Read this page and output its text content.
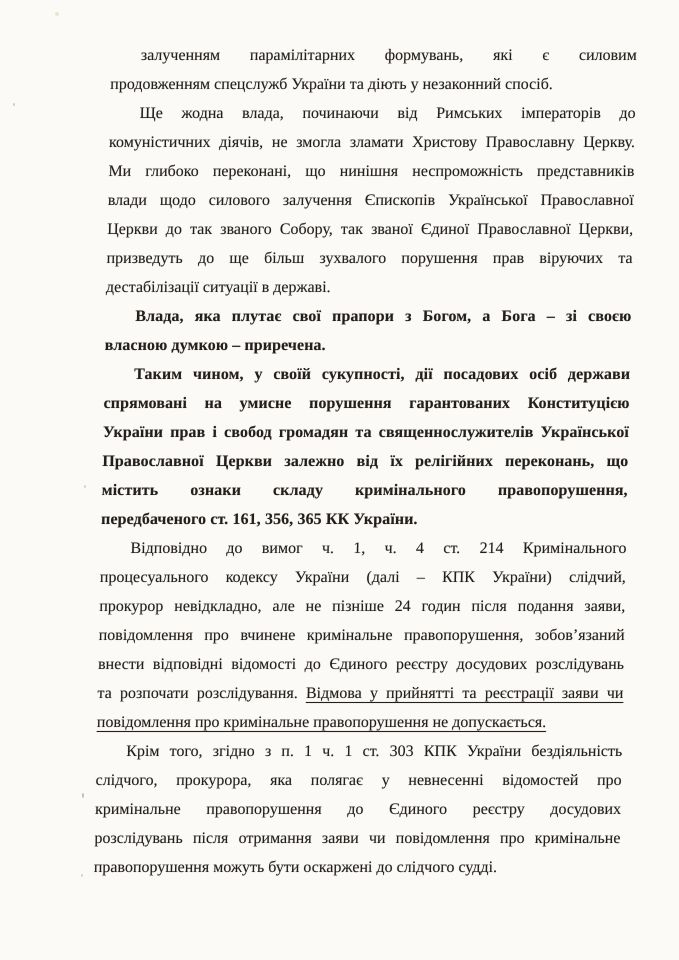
залученням парамілітарних формувань, які є силовим
продовженням спецслужб України та діють у незаконний спосіб.
Ще жодна влада, починаючи від Римських імператорів до
комуністичних діячів, не змогла зламати Христову Православну Церкву.
Ми глибоко переконані, що нинішня неспроможність представників
влади щодо силового залучення Єпископів Української Православної
Церкви до так званого Собору, так званої Єдиної Православної Церкви,
призведуть до ще більш зухвалого порушення прав віруючих та
дестабілізації ситуації в державі.
Влада, яка плутає свої прапори з Богом, а Бога – зі своєю
власною думкою – приречена.
Таким чином, у своїй сукупності, дії посадових осіб держави
спрямовані на умисне порушення гарантованих Конституцією
України прав і свобод громадян та священнослужителів Української
Православної Церкви залежно від їх релігійних переконань, що
містить ознаки складу кримінального правопорушення,
передбаченого ст. 161, 356, 365 КК України.
Відповідно до вимог ч. 1, ч. 4 ст. 214 Кримінального
процесуального кодексу України (далі – КПК України) слідчий,
прокурор невідкладно, але не пізніше 24 годин після подання заяви,
повідомлення про вчинене кримінальне правопорушення, зобов’язаний
внести відповідні відомості до Єдиного реєстру досудових розслідувань
та розпочати розслідування. Відмова у прийнятті та реєстрації заяви чи
повідомлення про кримінальне правопорушення не допускається.
Крім того, згідно з п. 1 ч. 1 ст. 303 КПК України бездіяльність
слідчого, прокурора, яка полягає у невнесенні відомостей про
кримінальне правопорушення до Єдиного реєстру досудових
розслідувань після отримання заяви чи повідомлення про кримінальне
правопорушення можуть бути оскаржені до слідчого судді.
